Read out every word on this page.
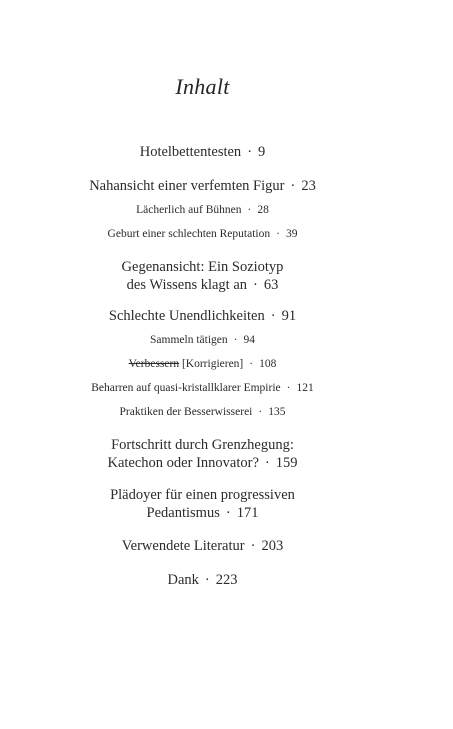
Inhalt
Hotelbettentesten · 9
Nahansicht einer verfemten Figur · 23
Lächerlich auf Bühnen · 28
Geburt einer schlechten Reputation · 39
Gegenansicht: Ein Soziotyp
des Wissens klagt an · 63
Schlechte Unendlichkeiten · 91
Sammeln tätigen · 94
Verbessern [Korrigieren] · 108
Beharren auf quasi-kristallklarer Empirie · 121
Praktiken der Besserwisserei · 135
Fortschritt durch Grenzhegung:
Katechon oder Innovator? · 159
Plädoyer für einen progressiven
Pedantismus · 171
Verwendete Literatur · 203
Dank · 223
